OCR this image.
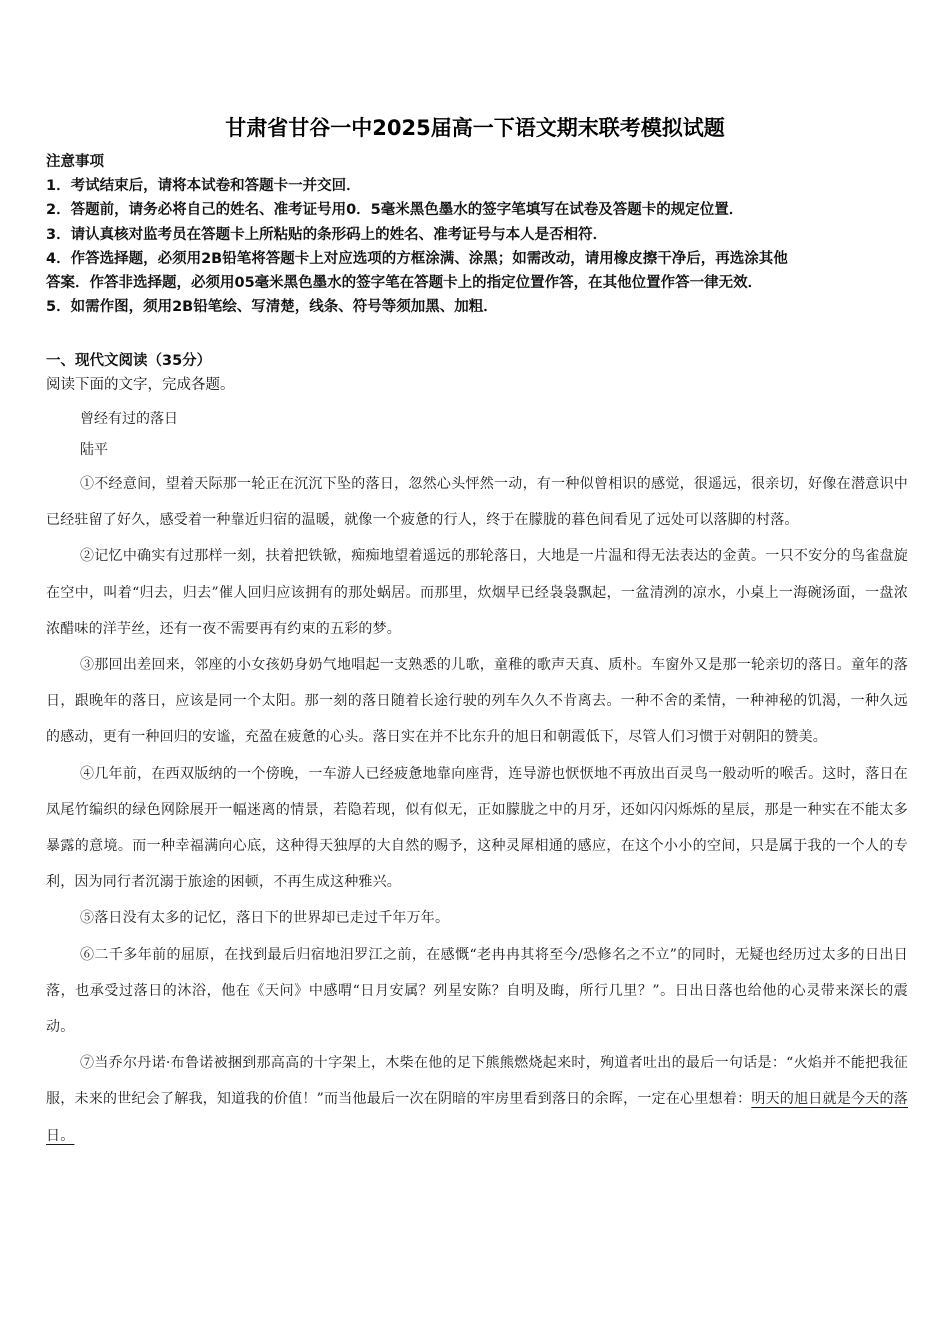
甘肃省甘谷一中2025届高一下语文期末联考模拟试题
注意事项
1．考试结束后，请将本试卷和答题卡一并交回．
2．答题前，请务必将自己的姓名、准考证号用0．5毫米黑色墨水的签字笔填写在试卷及答题卡的规定位置．
3．请认真核对监考员在答题卡上所粘贴的条形码上的姓名、准考证号与本人是否相符．
4．作答选择题，必须用2B铅笔将答题卡上对应选项的方框涂满、涂黑；如需改动，请用橡皮擦干净后，再选涂其他
答案．作答非选择题，必须用05毫米黑色墨水的签字笔在答题卡上的指定位置作答，在其他位置作答一律无效．
5．如需作图，须用2B铅笔绘、写清楚，线条、符号等须加黑、加粗．
一、现代文阅读（35分）
阅读下面的文字，完成各题。
曾经有过的落日
陆平

①不经意间，望着天际那一轮正在沉沉下坠的落日，忽然心头怦然一动，有一种似曾相识的感觉，很遥远，很亲切，好像在潜意识中已经驻留了好久，感受着一种靠近归宿的温暖，就像一个疲惫的行人，终于在朦胧的暮色间看见了远处可以落脚的村落。

②记忆中确实有过那样一刻，扶着把铁锨，痴痴地望着遥远的那轮落日，大地是一片温和得无法表达的金黄。一只不安分的鸟雀盘旋在空中，叫着“归去，归去”催人回归应该拥有的那处蜗居。而那里，炊烟早已经袅袅飘起，一盆清洌的凉水，小桌上一海碗汤面，一盘浓浓醋味的洋芋丝，还有一夜不需要再有约束的五彩的梦。

③那回出差回来，邻座的小女孩奶身奶气地唱起一支熟悉的儿歌，童稚的歌声天真、质朴。车窗外又是那一轮亲切的落日。童年的落日，跟晚年的落日，应该是同一个太阳。那一刻的落日随着长途行驶的列车久久不肯离去。一种不舍的柔情，一种神秘的饥渴，一种久远的感动，更有一种回归的安谧，充盈在疲惫的心头。落日实在并不比东升的旭日和朝霞低下，尽管人们习惯于对朝阳的赞美。

④几年前，在西双版纳的一个傍晚，一车游人已经疲惫地靠向座背，连导游也恹恹地不再放出百灵鸟一般动听的喉舌。这时，落日在凤尾竹编织的绿色网除展开一幅迷离的情景，若隐若现，似有似无，正如朦胧之中的月牙，还如闪闪烁烁的星辰，那是一种实在不能太多暴露的意境。而一种幸福满向心底，这种得天独厚的大自然的赐予，这种灵犀相通的感应，在这个小小的空间，只是属于我的一个人的专利，因为同行者沉溺于旅途的困顿，不再生成这种雅兴。

⑤落日没有太多的记忆，落日下的世界却已走过千年万年。

⑥二千多年前的屈原，在找到最后归宿地汨罗江之前，在感慨“老冉冉其将至今/恐修名之不立”的同时，无疑也经历过太多的日出日落，也承受过落日的沐浴，他在《天问》中感喟“日月安属？列星安陈？自明及晦，所行几里？”。日出日落也给他的心灵带来深长的震动。

⑦当乔尔丹诺·布鲁诺被捆到那高高的十字架上，木柴在他的足下熊熊燃烧起来时，殉道者吐出的最后一句话是：“火焰并不能把我征服，未来的世纪会了解我，知道我的价值！”而当他最后一次在阴暗的牢房里看到落日的余晖，一定在心里想着：明天的旭日就是今天的落日。
